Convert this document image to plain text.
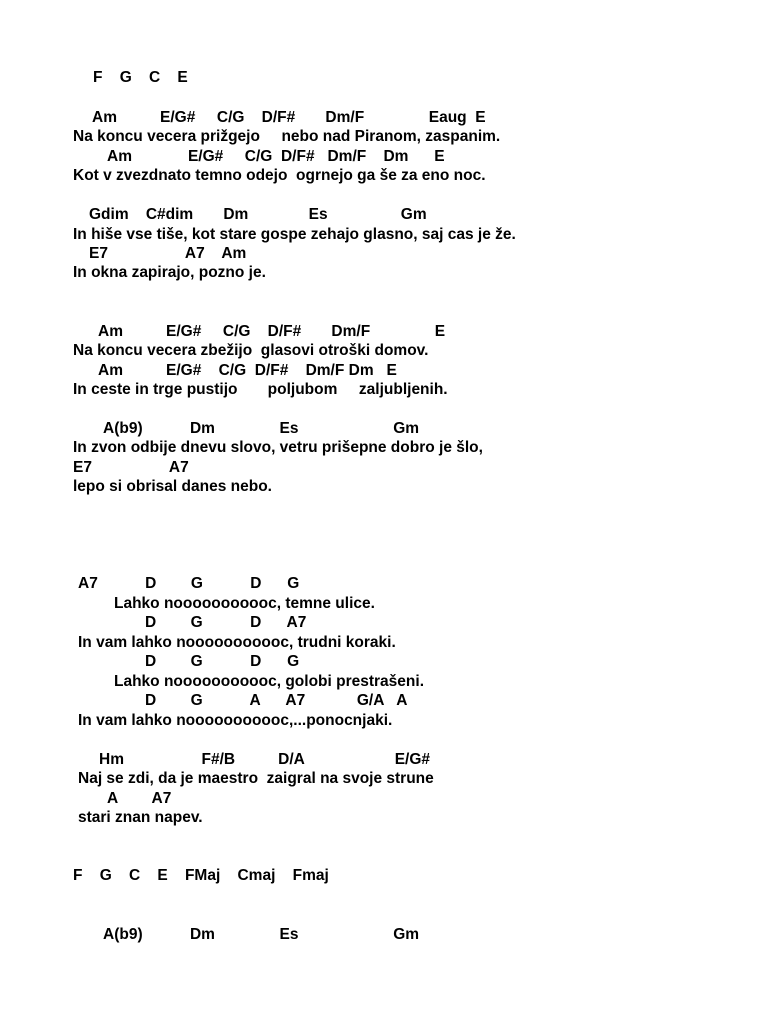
F    G    C    E
Am          E/G#     C/G    D/F#       Dm/F               Eaug  E
Na koncu vecera prižgejo     nebo nad Piranom, zaspanim.
Am             E/G#     C/G  D/F#   Dm/F    Dm      E
Kot v zvezdnato temno odejo  ogrnejo ga še za eno noc.
Gdim    C#dim       Dm              Es                 Gm
In hiše vse tiše, kot stare gospe zehajo glasno, saj cas je že.
E7                  A7    Am
In okna zapirajo, pozno je.
Am          E/G#     C/G    D/F#       Dm/F               E
Na koncu vecera zbežijo  glasovi otroški domov.
Am          E/G#    C/G  D/F#    Dm/F Dm   E
In ceste in trge pustijo       poljubom     zaljubljenih.
A(b9)           Dm               Es                      Gm
In zvon odbije dnevu slovo, vetru prišepne dobro je šlo,
E7                  A7
lepo si obrisal danes nebo.
A7           D        G           D      G
Lahko nooooooooooc, temne ulice.
D        G           D      A7
In vam lahko nooooooooooc, trudni koraki.
D        G           D      G
Lahko nooooooooooc, golobi prestrašeni.
D        G           A      A7            G/A   A
In vam lahko nooooooooooc,...ponocnjaki.
Hm                  F#/B          D/A                     E/G#
Naj se zdi, da je maestro  zaigral na svoje strune
A        A7
stari znan napev.
F    G    C    E    FMaj    Cmaj    Fmaj
A(b9)           Dm               Es                      Gm
